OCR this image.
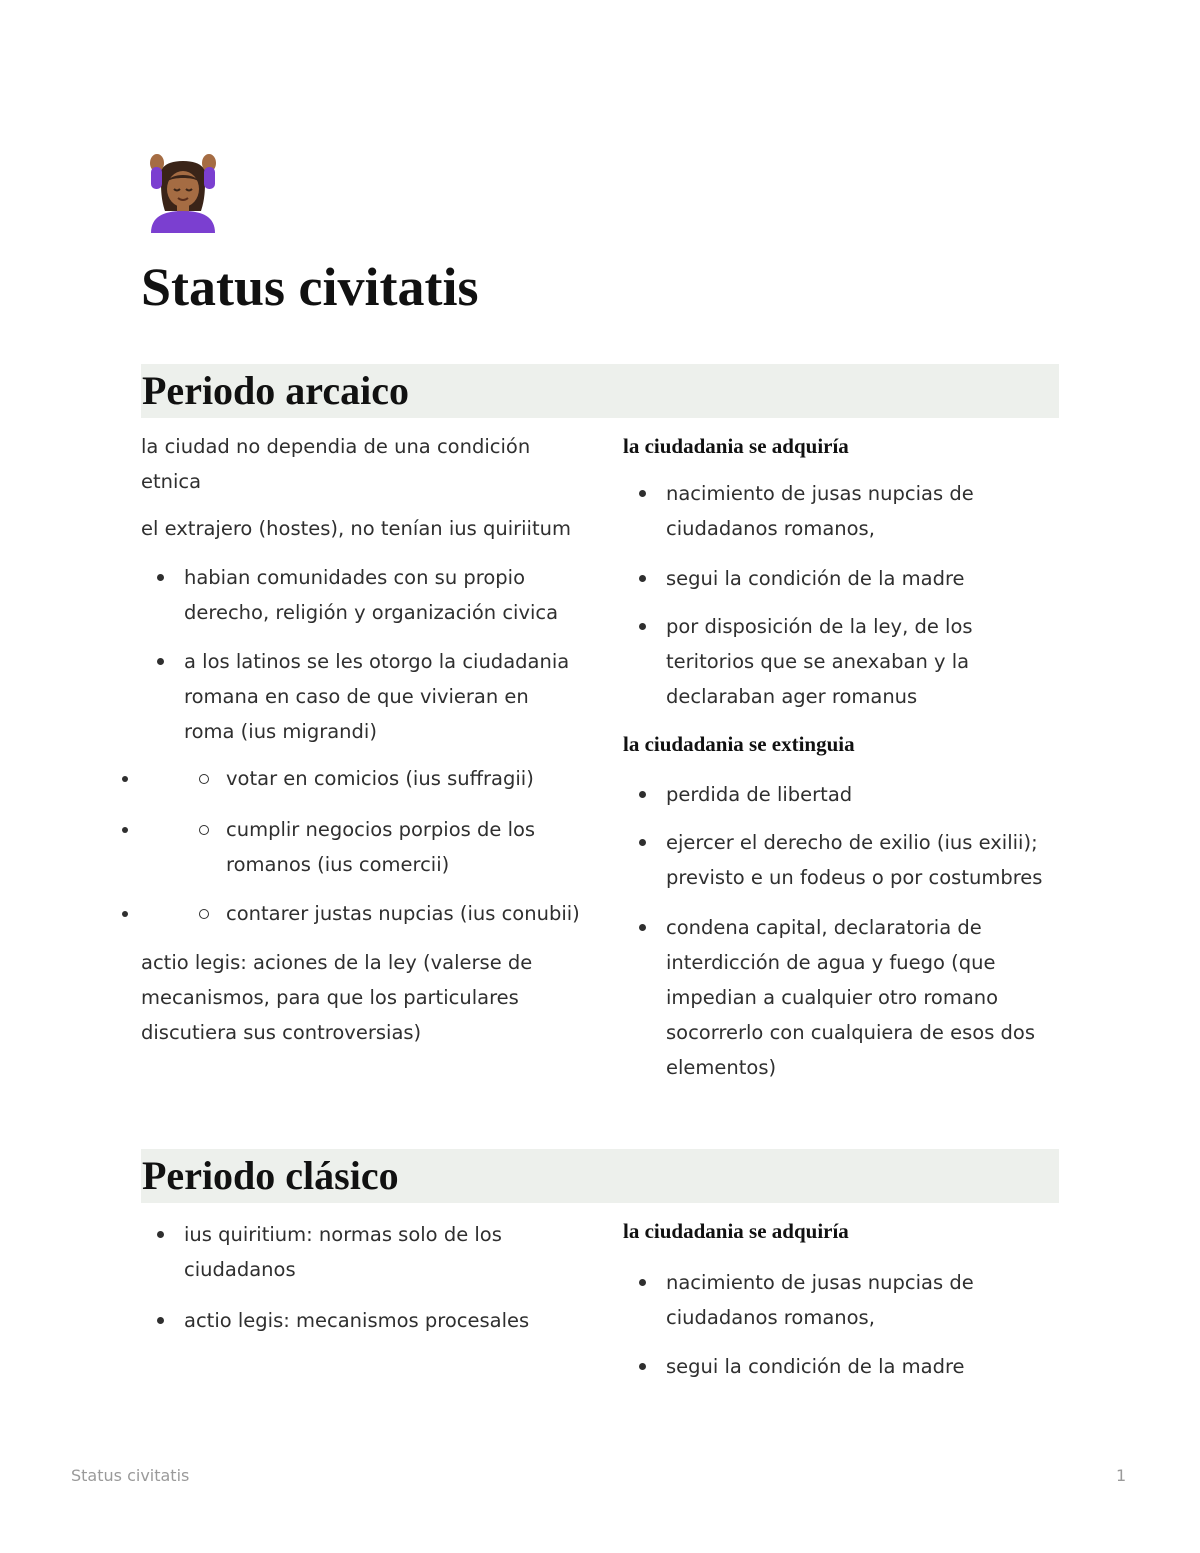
Status civitatis
Periodo arcaico

la ciudad no dependia de una condición etnica

el extrajero (hostes), no tenían ius quiriitum

habian comunidades con su propio derecho, religión y organización civica
a los latinos se les otorgo la ciudadania romana en caso de que vivieran en roma (ius migrandi)
• votar en comicios (ius suffragii)
• cumplir negocios porpios de los romanos (ius comercii)
• contarer justas nupcias (ius conubii)

actio legis: aciones de la ley (valerse de mecanismos, para que los particulares discutiera sus controversias)

la ciudadania se adquiría

nacimiento de jusas nupcias de ciudadanos romanos,
segui la condición de la madre
por disposición de la ley, de los teritorios que se anexaban y la declaraban ager romanus

la ciudadania se extinguia

perdida de libertad
ejercer el derecho de exilio (ius exilii); previsto e un fodeus o por costumbres
condena capital, declaratoria de interdicción de agua y fuego (que impedian a cualquier otro romano socorrerlo con cualquiera de esos dos elementos)
Periodo clásico
ius quiritium: normas solo de los ciudadanos
actio legis: mecanismos procesales

la ciudadania se adquiría

nacimiento de jusas nupcias de ciudadanos romanos,
segui la condición de la madre
Status civitatis	1
